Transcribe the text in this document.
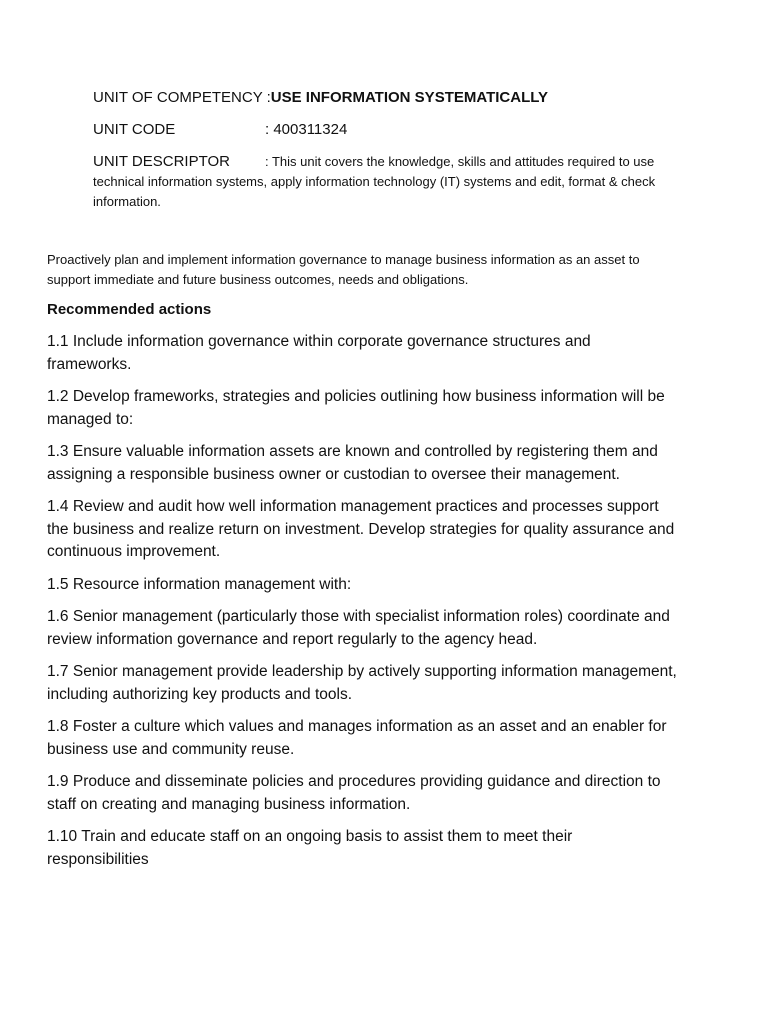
UNIT OF COMPETENCY :USE INFORMATION SYSTEMATICALLY
UNIT CODE	: 400311324
UNIT DESCRIPTOR	: This unit covers the knowledge, skills and attitudes required to use technical information systems, apply information technology (IT) systems and edit, format & check information.

Proactively plan and implement information governance to manage business information as an asset to support immediate and future business outcomes, needs and obligations.

Recommended actions
1.1 Include information governance within corporate governance structures and frameworks.
1.2 Develop frameworks, strategies and policies outlining how business information will be managed to:
1.3 Ensure valuable information assets are known and controlled by registering them and assigning a responsible business owner or custodian to oversee their management.
1.4 Review and audit how well information management practices and processes support the business and realize return on investment. Develop strategies for quality assurance and continuous improvement.
1.5 Resource information management with:
1.6 Senior management (particularly those with specialist information roles) coordinate and review information governance and report regularly to the agency head.
1.7 Senior management provide leadership by actively supporting information management, including authorizing key products and tools.
1.8 Foster a culture which values and manages information as an asset and an enabler for business use and community reuse.
1.9 Produce and disseminate policies and procedures providing guidance and direction to staff on creating and managing business information.
1.10 Train and educate staff on an ongoing basis to assist them to meet their responsibilities
